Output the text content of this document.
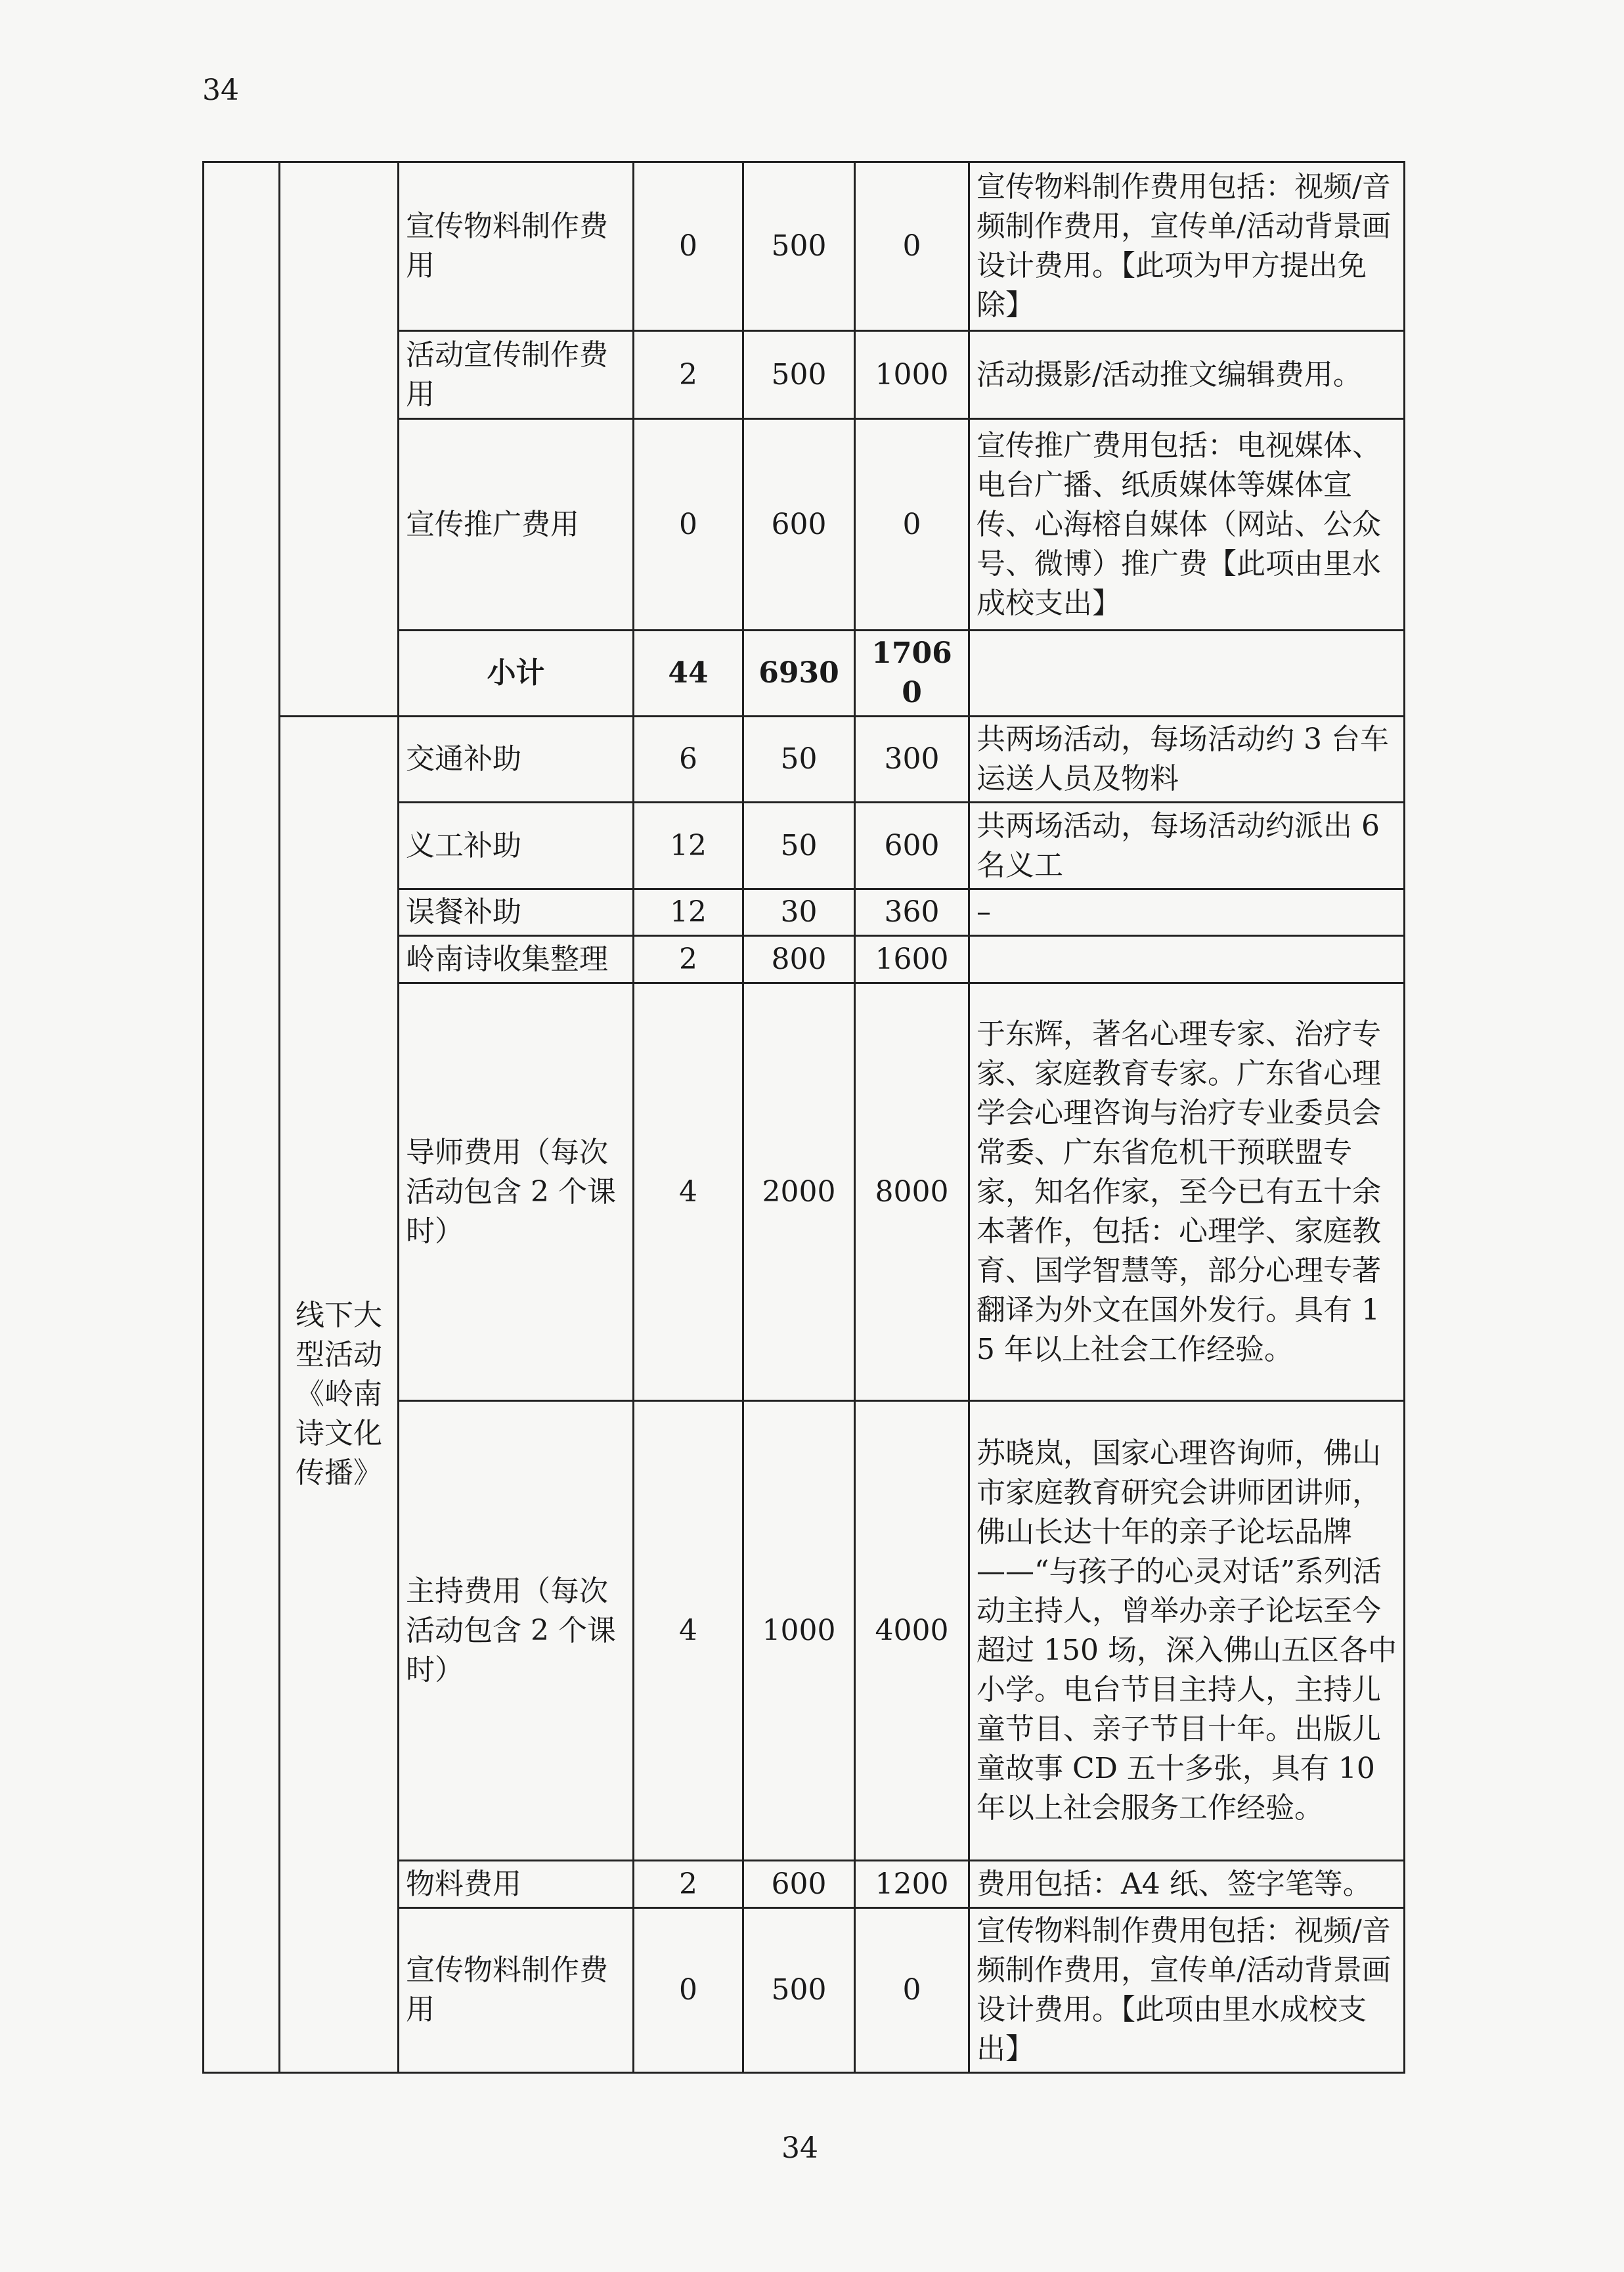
34
		宣传物料制作费用	0	500	0	宣传物料制作费用包括：视频/音频制作费用，宣传单/活动背景画设计费用。【此项为甲方提出免除】
		活动宣传制作费用	2	500	1000	活动摄影/活动推文编辑费用。
		宣传推广费用	0	600	0	宣传推广费用包括：电视媒体、电台广播、纸质媒体等媒体宣传、心海榕自媒体（网站、公众号、微博）推广费【此项由里水成校支出】
		小计	44	6930	17060	
	线下大型活动《岭南诗文化传播》	交通补助	6	50	300	共两场活动，每场活动约 3 台车运送人员及物料
		义工补助	12	50	600	共两场活动，每场活动约派出 6 名义工
		误餐补助	12	30	360	–
		岭南诗收集整理	2	800	1600	
		导师费用（每次活动包含 2 个课时）	4	2000	8000	于东辉，著名心理专家、治疗专家、家庭教育专家。广东省心理学会心理咨询与治疗专业委员会常委、广东省危机干预联盟专家，知名作家，至今已有五十余本著作，包括：心理学、家庭教育、国学智慧等，部分心理专著翻译为外文在国外发行。具有 15 年以上社会工作经验。
		主持费用（每次活动包含 2 个课时）	4	1000	4000	苏晓岚，国家心理咨询师，佛山市家庭教育研究会讲师团讲师，佛山长达十年的亲子论坛品牌——“与孩子的心灵对话”系列活动主持人，曾举办亲子论坛至今超过 150 场，深入佛山五区各中小学。电台节目主持人，主持儿童节目、亲子节目十年。出版儿童故事 CD 五十多张，具有 10 年以上社会服务工作经验。
		物料费用	2	600	1200	费用包括：A4 纸、签字笔等。
		宣传物料制作费用	0	500	0	宣传物料制作费用包括：视频/音频制作费用，宣传单/活动背景画设计费用。【此项由里水成校支出】
34
